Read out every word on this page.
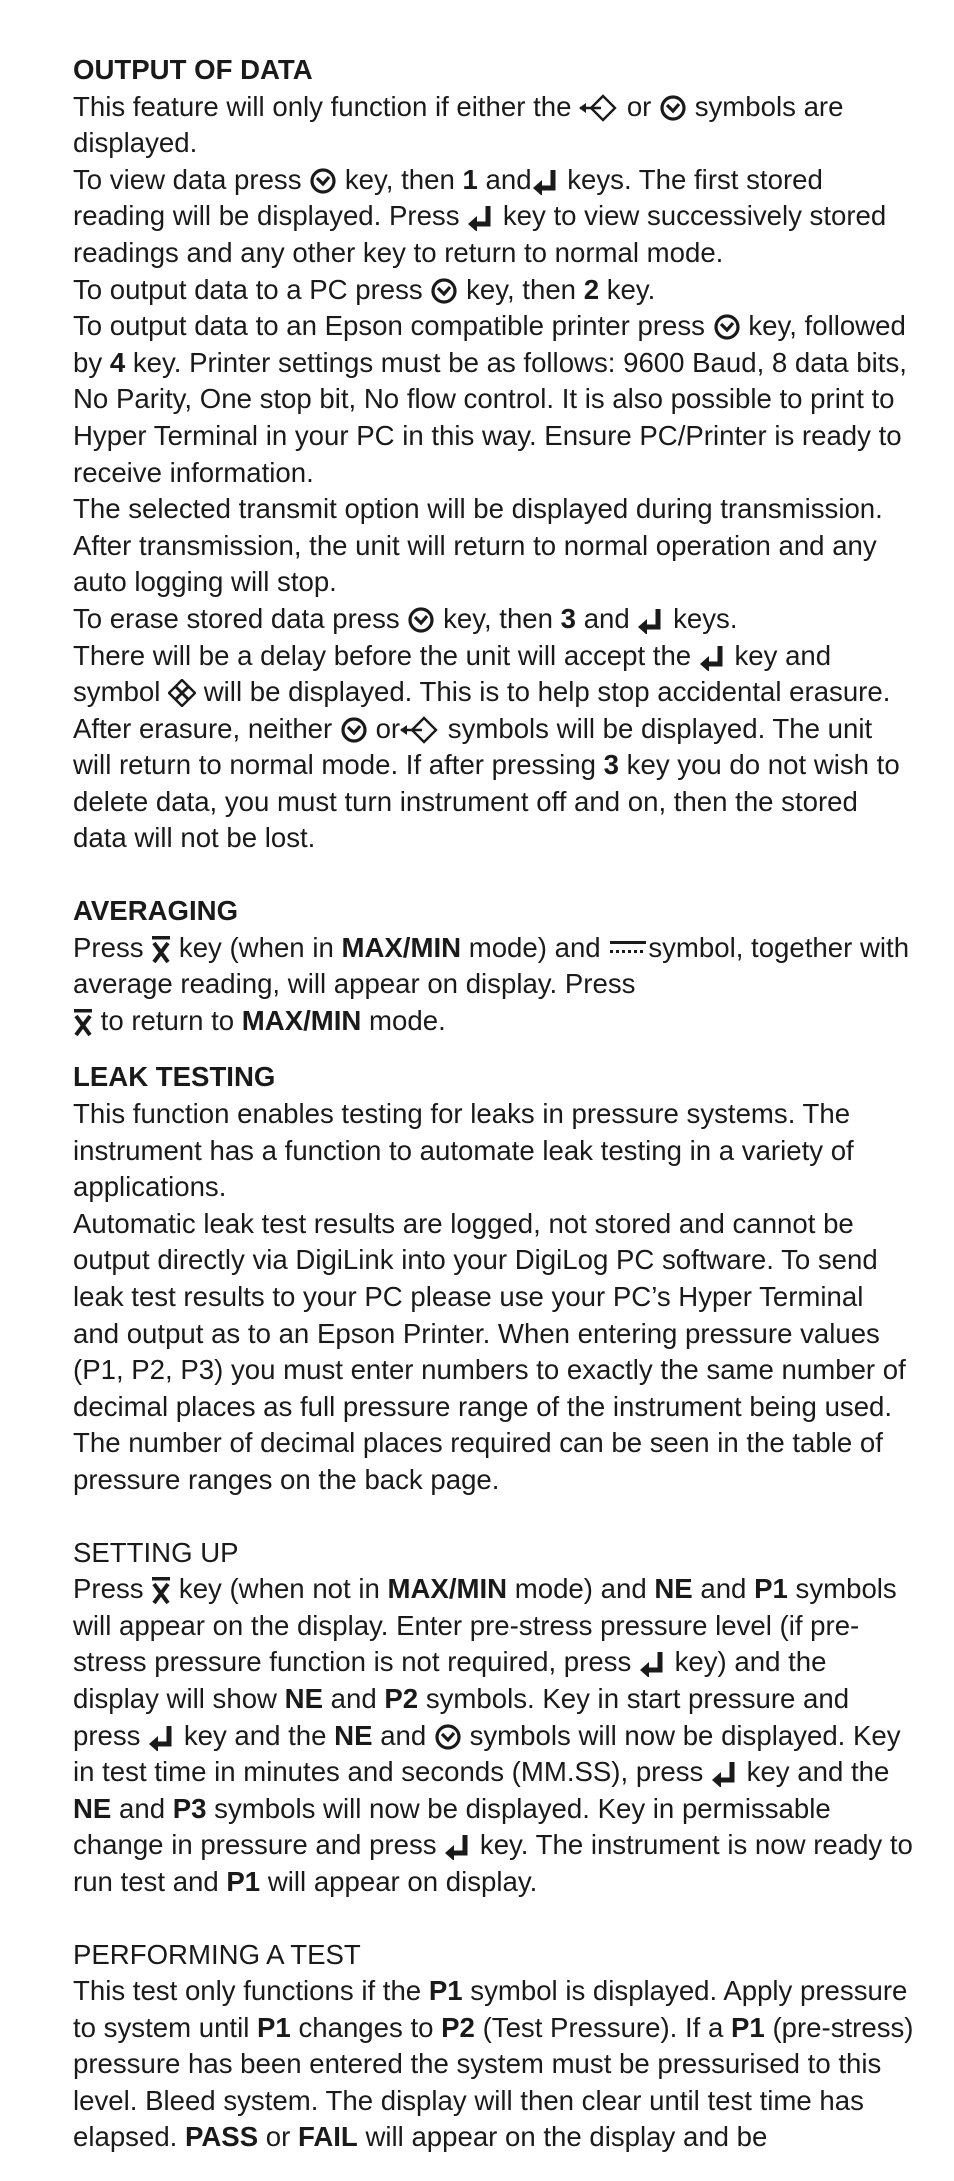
OUTPUT OF DATA

This feature will only function if either the or symbols are displayed.

To view data press key, then 1 and keys. The first stored reading will be displayed. Press key to view successively stored readings and any other key to return to normal mode.

To output data to a PC press key, then 2 key.

To output data to an Epson compatible printer press key, followed by 4 key. Printer settings must be as follows: 9600 Baud, 8 data bits, No Parity, One stop bit, No flow control. It is also possible to print to Hyper Terminal in your PC in this way. Ensure PC/Printer is ready to receive information.

The selected transmit option will be displayed during transmission. After transmission, the unit will return to normal operation and any auto logging will stop.

To erase stored data press key, then 3 and keys.

There will be a delay before the unit will accept the key and symbol will be displayed. This is to help stop accidental erasure. After erasure, neither or symbols will be displayed. The unit will return to normal mode. If after pressing 3 key you do not wish to delete data, you must turn instrument off and on, then the stored data will not be lost.

AVERAGING

Press key (when in MAX/MIN mode) and symbol, together with average reading, will appear on display. Press

to return to MAX/MIN mode.

LEAK TESTING

This function enables testing for leaks in pressure systems. The instrument has a function to automate leak testing in a variety of applications.

Automatic leak test results are logged, not stored and cannot be output directly via DigiLink into your DigiLog PC software. To send leak test results to your PC please use your PC’s Hyper Terminal and output as to an Epson Printer. When entering pressure values (P1, P2, P3) you must enter numbers to exactly the same number of decimal places as full pressure range of the instrument being used. The number of decimal places required can be seen in the table of pressure ranges on the back page.

SETTING UP

Press key (when not in MAX/MIN mode) and NE and P1 symbols will appear on the display. Enter pre-stress pressure level (if pre-stress pressure function is not required, press key) and the display will show NE and P2 symbols. Key in start pressure and press key and the NE and symbols will now be displayed. Key in test time in minutes and seconds (MM.SS), press key and the NE and P3 symbols will now be displayed. Key in permissable change in pressure and press key. The instrument is now ready to run test and P1 will appear on display.

PERFORMING A TEST

This test only functions if the P1 symbol is displayed. Apply pressure to system until P1 changes to P2 (Test Pressure). If a P1 (pre-stress) pressure has been entered the system must be pressurised to this level. Bleed system. The display will then clear until test time has elapsed. PASS or FAIL will appear on the display and be
